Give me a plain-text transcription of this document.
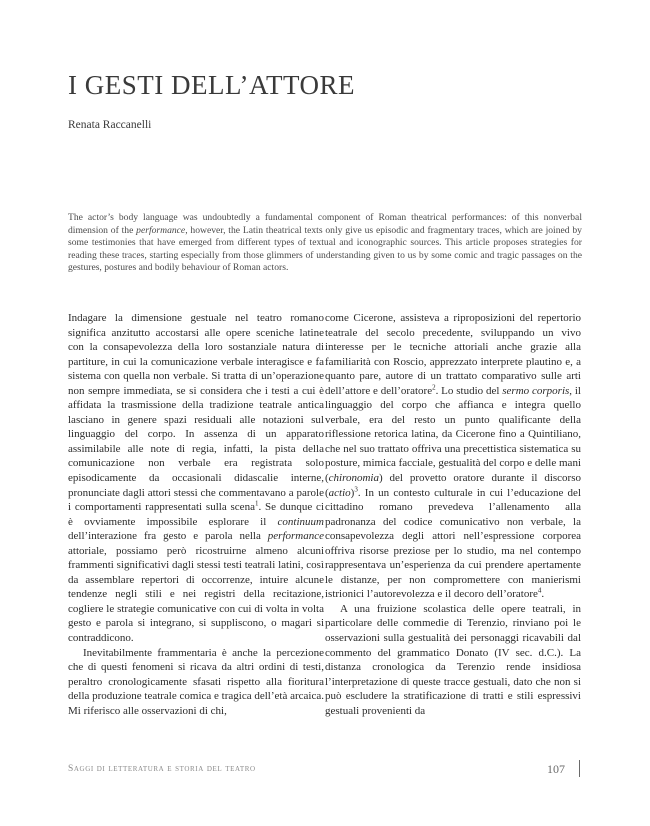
I GESTI DELL’ATTORE
Renata Raccanelli

The actor’s body language was undoubtedly a fundamental component of Roman theatrical performances: of this nonverbal dimension of the performance, however, the Latin theatrical texts only give us episodic and fragmentary traces, which are joined by some testimonies that have emerged from different types of textual and iconographic sources. This article proposes strategies for reading these traces, starting especially from those glimmers of understanding given to us by some comic and tragic passages on the gestures, postures and bodily behaviour of Roman actors.

Indagare la dimensione gestuale nel teatro romano significa anzitutto accostarsi alle opere sceniche latine con la consapevolezza della loro sostanziale natura di partiture, in cui la comunicazione verbale interagisce e fa sistema con quella non verbale. Si tratta di un’operazione non sempre immediata, se si considera che i testi a cui è affidata la trasmissione della tradizione teatrale antica lasciano in genere spazi residuali alle notazioni sul linguaggio del corpo. In assenza di un apparato assimilabile alle note di regia, infatti, la pista della comunicazione non verbale era registrata solo episodicamente da occasionali didascalie interne, pronunciate dagli attori stessi che commentavano a parole i comportamenti rappresentati sulla scena$^1$. Se dunque ci è ovviamente impossibile esplorare il continuum dell’interazione fra gesto e parola nella performance attoriale, possiamo però ricostruirne almeno alcuni frammenti significativi dagli stessi testi teatrali latini, così da assemblare repertori di occorrenze, intuire alcune tendenze negli stili e nei registri della recitazione, cogliere le strategie comunicative con cui di volta in volta gesto e parola si integrano, si suppliscono, o magari si contraddicono.

Inevitabilmente frammentaria è anche la percezione che di questi fenomeni si ricava da altri ordini di testi, peraltro cronologicamente sfasati rispetto alla fioritura della produzione teatrale comica e tragica dell’età arcaica. Mi riferisco alle osservazioni di chi,

come Cicerone, assisteva a riproposizioni del repertorio teatrale del secolo precedente, sviluppando un vivo interesse per le tecniche attoriali anche grazie alla familiarità con Roscio, apprezzato interprete plautino e, a quanto pare, autore di un trattato comparativo sulle arti dell’attore e dell’oratore$^2$. Lo studio del sermo corporis, il linguaggio del corpo che affianca e integra quello verbale, era del resto un punto qualificante della riflessione retorica latina, da Cicerone fino a Quintiliano, che nel suo trattato offriva una precettistica sistematica su posture, mimica facciale, gestualità del corpo e delle mani (chironomia) del provetto oratore durante il discorso (actio)$^3$. In un contesto culturale in cui l’educazione del cittadino romano prevedeva l’allenamento alla padronanza del codice comunicativo non verbale, la consapevolezza degli attori nell’espressione corporea offriva risorse preziose per lo studio, ma nel contempo rappresentava un’esperienza da cui prendere apertamente le distanze, per non compromettere con manierismi istrionici l’autorevolezza e il decoro dell’oratore$^4$.

A una fruizione scolastica delle opere teatrali, in particolare delle commedie di Terenzio, rinviano poi le osservazioni sulla gestualità dei personaggi ricavabili dal commento del grammatico Donato (IV sec. d.C.). La distanza cronologica da Terenzio rende insidiosa l’interpretazione di queste tracce gestuali, dato che non si può escludere la stratificazione di tratti e stili espressivi gestuali provenienti da

Saggi di letteratura e storia del teatro	107
